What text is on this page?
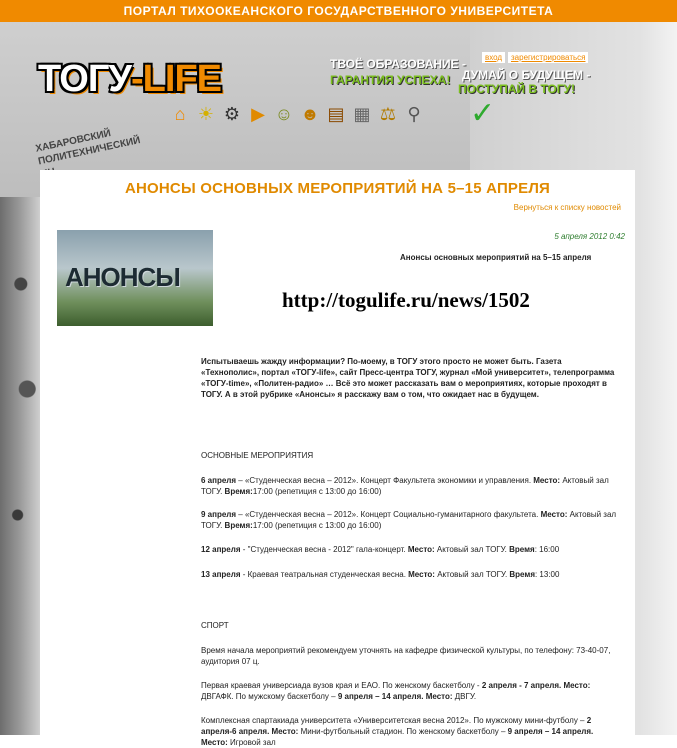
ПОРТАЛ ТИХООКЕАНСКОГО ГОСУДАРСТВЕННОГО УНИВЕРСИТЕТА
ТОГУ-LIFE
ХАБАРОВСКИЙ ПОЛИТЕХНИЧЕСКИЙ
ТВОЁ ОБРАЗОВАНИЕ -
ГАРАНТИЯ УСПЕХА! ДУМАЙ О БУДУЩЕМ -
ПОСТУПАЙ В ТОГУ!
вход	зарегистрироваться
⌂ ☀ ⚙ ▶ ☺ ☻ ▤ ▦ ⚖ ⚲ ✓
АНОНСЫ ОСНОВНЫХ МЕРОПРИЯТИЙ НА 5–15 АПРЕЛЯ
Вернуться к списку новостей
5 апреля 2012 0:42
АНОНСЫ
Анонсы основных мероприятий на 5–15 апреля
http://togulife.ru/news/1502
Испытываешь жажду информации? По-моему, в ТОГУ этого просто не может быть. Газета «Технополис», портал «ТОГУ-life», сайт Пресс-центра ТОГУ, журнал «Мой университет», телепрограмма «ТОГУ-time», «Политен-радио» … Всё это может рассказать вам о мероприятиях, которые проходят в ТОГУ. А в этой рубрике «Анонсы» я расскажу вам о том, что ожидает нас в будущем.
ОСНОВНЫЕ МЕРОПРИЯТИЯ
6 апреля – «Студенческая весна – 2012». Концерт Факультета экономики и управления. Место: Актовый зал ТОГУ. Время:17:00 (репетиция с 13:00 до 16:00)
9 апреля – «Студенческая весна – 2012». Концерт Социально-гуманитарного факультета. Место: Актовый зал ТОГУ. Время:17:00 (репетиция с 13:00 до 16:00)
12 апреля - "Студенческая весна - 2012" гала-концерт. Место: Актовый зал ТОГУ. Время: 16:00
13 апреля - Краевая театральная студенческая весна. Место: Актовый зал ТОГУ. Время: 13:00
СПОРТ
Время начала мероприятий рекомендуем уточнять на кафедре физической культуры, по телефону: 73-40-07, аудитория 07 ц.
Первая краевая универсиада вузов края и ЕАО. По женскому баскетболу - 2 апреля - 7 апреля. Место: ДВГАФК. По мужскому баскетболу – 9 апреля – 14 апреля. Место: ДВГУ.
Комплексная спартакиада университета «Университетская весна 2012». По мужскому мини-футболу – 2 апреля-6 апреля. Место: Мини-футбольный стадион. По женскому баскетболу – 9 апреля – 14 апреля. Место: Игровой зал
